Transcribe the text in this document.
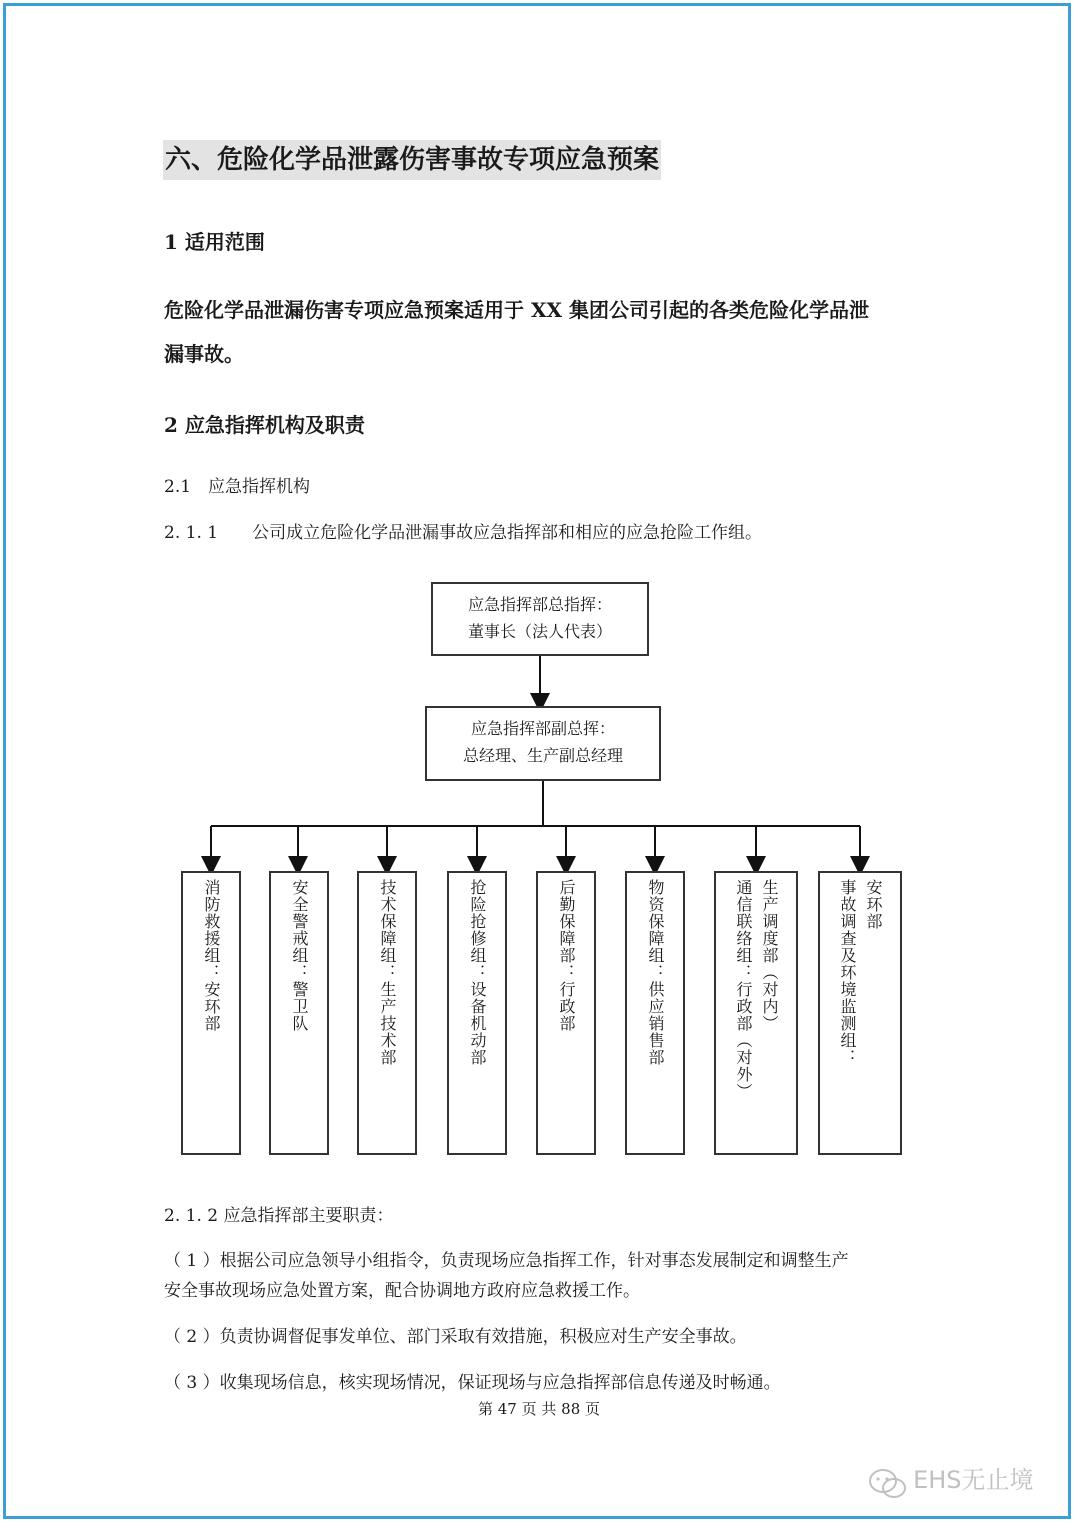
六、危险化学品泄露伤害事故专项应急预案
1 适用范围
危险化学品泄漏伤害专项应急预案适用于 XX 集团公司引起的各类危险化学品泄
漏事故。
2 应急指挥机构及职责
2.1　应急指挥机构
2. 1. 1　　公司成立危险化学品泄漏事故应急指挥部和相应的应急抢险工作组。
应急指挥部总指挥：
董事长（法人代表）
应急指挥部副总挥：
总经理、生产副总经理
消防救援组：安环部	安全警戒组：警卫队	技术保障组：生产技术部	抢险抢修组：设备机动部	后勤保障部：行政部	物资保障组：供应销售部	通信联络组：行政部（对外） 生产调度部（对内）	事故调查及环境监测组： 安环部
2. 1. 2 应急指挥部主要职责：
（ 1 ）根据公司应急领导小组指令，负责现场应急指挥工作，针对事态发展制定和调整生产
安全事故现场应急处置方案，配合协调地方政府应急救援工作。
（ 2 ）负责协调督促事发单位、部门采取有效措施，积极应对生产安全事故。
（ 3 ）收集现场信息，核实现场情况，保证现场与应急指挥部信息传递及时畅通。
第 47 页 共 88 页
EHS无止境
